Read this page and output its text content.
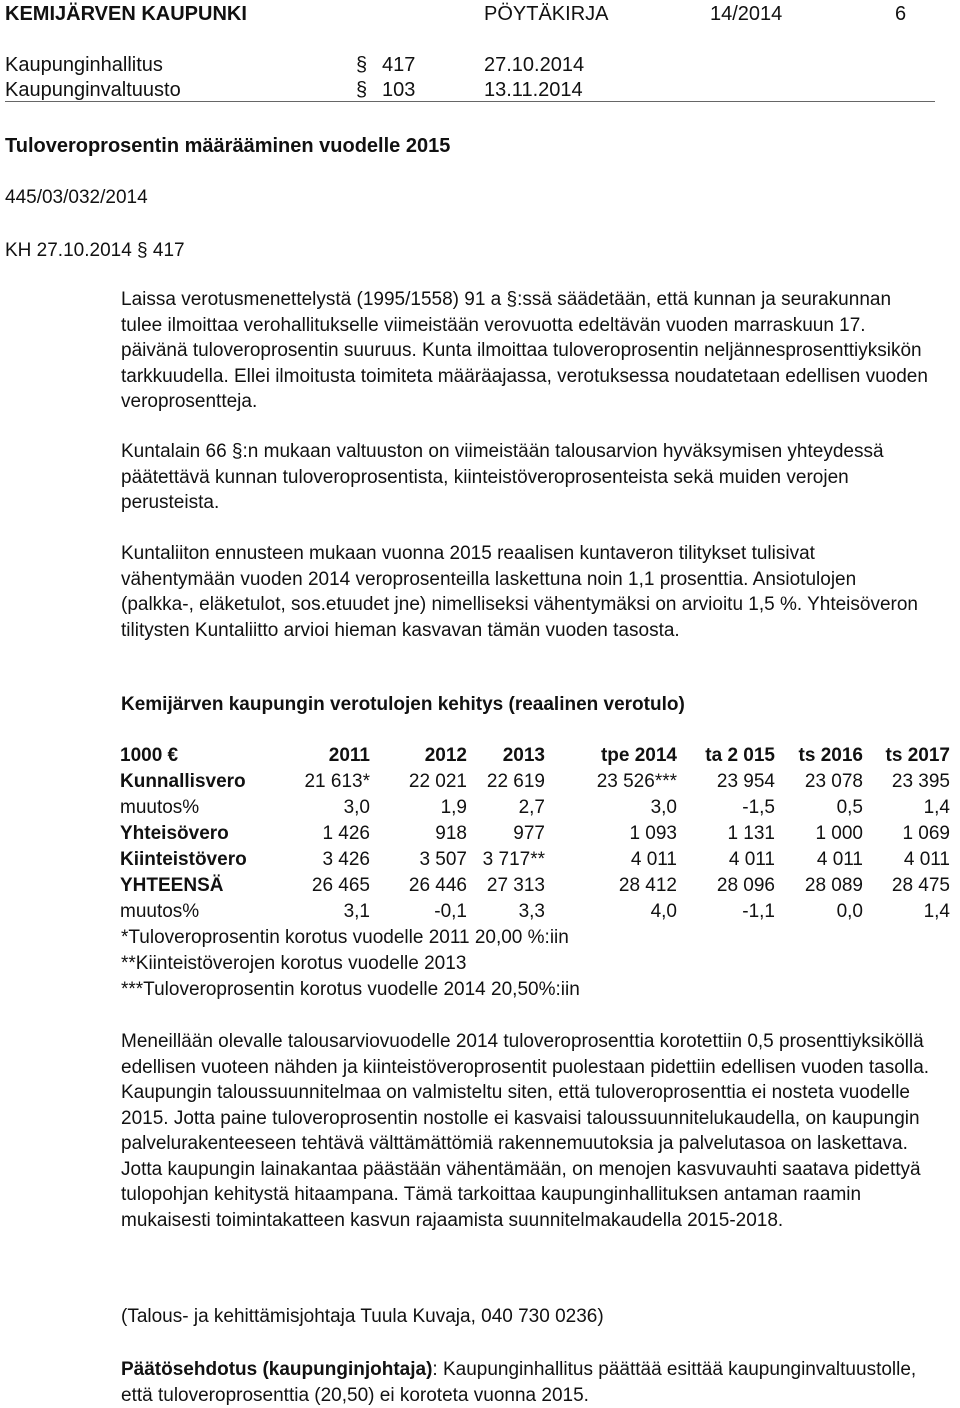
KEMIJÄRVEN KAUPUNKI	PÖYTÄKIRJA	14/2014	6
Kaupunginhallitus	§ 417	27.10.2014
Kaupunginvaltuusto	§ 103	13.11.2014
Tuloveroprosentin määrääminen vuodelle 2015
445/03/032/2014
KH 27.10.2014 § 417

Laissa verotusmenettelystä (1995/1558) 91 a §:ssä säädetään, että kunnan ja seurakunnan tulee ilmoittaa verohallitukselle viimeistään verovuotta edeltävän vuoden marraskuun 17. päivänä tuloveroprosentin suuruus. Kunta ilmoittaa tuloveroprosentin neljännesprosenttiyksikön tarkkuudella. Ellei ilmoitusta toimiteta määräajassa, verotuksessa noudatetaan edellisen vuoden veroprosentteja.

Kuntalain 66 §:n mukaan valtuuston on viimeistään talousarvion hyväksymisen yhteydessä päätettävä kunnan tuloveroprosentista, kiinteistöveroprosenteista sekä muiden verojen perusteista.

Kuntaliiton ennusteen mukaan vuonna 2015 reaalisen kuntaveron tilitykset tulisivat vähentymään vuoden 2014 veroprosenteilla laskettuna noin 1,1 prosenttia. Ansiotulojen (palkka-, eläketulot, sos.etuudet jne) nimelliseksi vähentymäksi on arvioitu 1,5 %. Yhteisöveron tilitysten Kuntaliitto arvioi hieman kasvavan tämän vuoden tasosta.

Kemijärven kaupungin verotulojen kehitys (reaalinen verotulo)
1000 €	2011	2012	2013	tpe 2014	ta 2 015	ts 2016	ts 2017
Kunnallisvero	21 613*	22 021	22 619	23 526***	23 954	23 078	23 395
muutos%	3,0	1,9	2,7	3,0	-1,5	0,5	1,4
Yhteisövero	1 426	918	977	1 093	1 131	1 000	1 069
Kiinteistövero	3 426	3 507	3 717**	4 011	4 011	4 011	4 011
YHTEENSÄ	26 465	26 446	27 313	28 412	28 096	28 089	28 475
muutos%	3,1	-0,1	3,3	4,0	-1,1	0,0	1,4
*Tuloveroprosentin korotus vuodelle 2011 20,00 %:iin
**Kiinteistöverojen korotus vuodelle 2013
***Tuloveroprosentin korotus vuodelle 2014 20,50%:iin
Meneillään olevalle talousarviovuodelle 2014 tuloveroprosenttia korotettiin 0,5 prosenttiyksiköllä edellisen vuoteen nähden ja kiinteistöveroprosentit puolestaan pidettiin edellisen vuoden tasolla. Kaupungin taloussuunnitelmaa on valmisteltu siten, että tuloveroprosenttia ei nosteta vuodelle 2015. Jotta paine tuloveroprosentin nostolle ei kasvaisi taloussuunnitelukaudella, on kaupungin palvelurakenteeseen tehtävä välttämättömiä rakennemuutoksia ja palvelutasoa on laskettava. Jotta kaupungin lainakantaa päästään vähentämään, on menojen kasvuvauhti saatava pidettyä tulopohjan kehitystä hitaampana. Tämä tarkoittaa kaupunginhallituksen antaman raamin mukaisesti toimintakatteen kasvun rajaamista suunnitelmakaudella 2015-2018.
(Talous- ja kehittämisjohtaja Tuula Kuvaja, 040 730 0236)
Päätösehdotus (kaupunginjohtaja): Kaupunginhallitus päättää esittää kaupunginvaltuustolle, että tuloveroprosenttia (20,50) ei koroteta vuonna 2015.
